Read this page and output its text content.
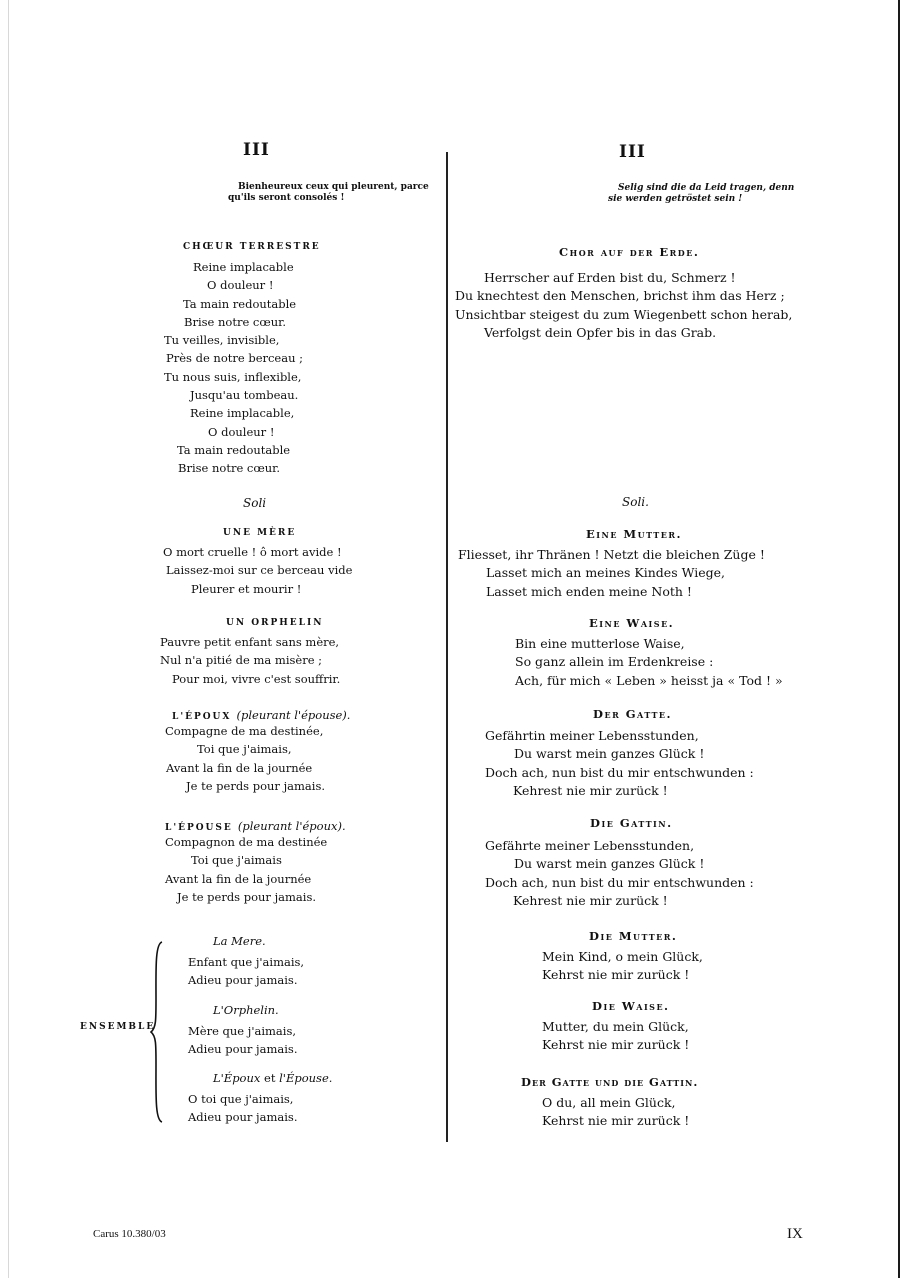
III
Bienheureux ceux qui pleurent, parce
qu'ils seront consolés !
CHŒUR TERRESTRE
Reine implacable
O douleur !
Ta main redoutable
Brise notre cœur.
Tu veilles, invisible,
Près de notre berceau ;
Tu nous suis, inflexible,
Jusqu'au tombeau.
Reine implacable,
O douleur !
Ta main redoutable
Brise notre cœur.
Soli
UNE MÈRE
O mort cruelle ! ô mort avide !
Laissez-moi sur ce berceau vide
Pleurer et mourir !
UN ORPHELIN
Pauvre petit enfant sans mère,
Nul n'a pitié de ma misère ;
Pour moi, vivre c'est souffrir.
L'ÉPOUX (pleurant l'épouse).
Compagne de ma destinée,
Toi que j'aimais,
Avant la fin de la journée
Je te perds pour jamais.
L'ÉPOUSE (pleurant l'époux).
Compagnon de ma destinée
Toi que j'aimais
Avant la fin de la journée
Je te perds pour jamais.
ENSEMBLE
La Mere.
Enfant que j'aimais,
Adieu pour jamais.
L'Orphelin.
Mère que j'aimais,
Adieu pour jamais.
L'Époux et l'Épouse.
O toi que j'aimais,
Adieu pour jamais.
III
Selig sind die da Leid tragen, denn
sie werden getröstet sein !
Chor auf der Erde.
Herrscher auf Erden bist du, Schmerz !
Du knechtest den Menschen, brichst ihm das Herz ;
Unsichtbar steigest du zum Wiegenbett schon herab,
Verfolgst dein Opfer bis in das Grab.
Soli.
Eine Mutter.
Fliesset, ihr Thränen ! Netzt die bleichen Züge !
Lasset mich an meines Kindes Wiege,
Lasset mich enden meine Noth !
Eine Waise.
Bin eine mutterlose Waise,
So ganz allein im Erdenkreise :
Ach, für mich « Leben » heisst ja « Tod ! »
Der Gatte.
Gefährtin meiner Lebensstunden,
Du warst mein ganzes Glück !
Doch ach, nun bist du mir entschwunden :
Kehrest nie mir zurück !
Die Gattin.
Gefährte meiner Lebensstunden,
Du warst mein ganzes Glück !
Doch ach, nun bist du mir entschwunden :
Kehrest nie mir zurück !
Die Mutter.
Mein Kind, o mein Glück,
Kehrst nie mir zurück !
Die Waise.
Mutter, du mein Glück,
Kehrst nie mir zurück !
Der Gatte und die Gattin.
O du, all mein Glück,
Kehrst nie mir zurück !
Carus 10.380/03	IX
